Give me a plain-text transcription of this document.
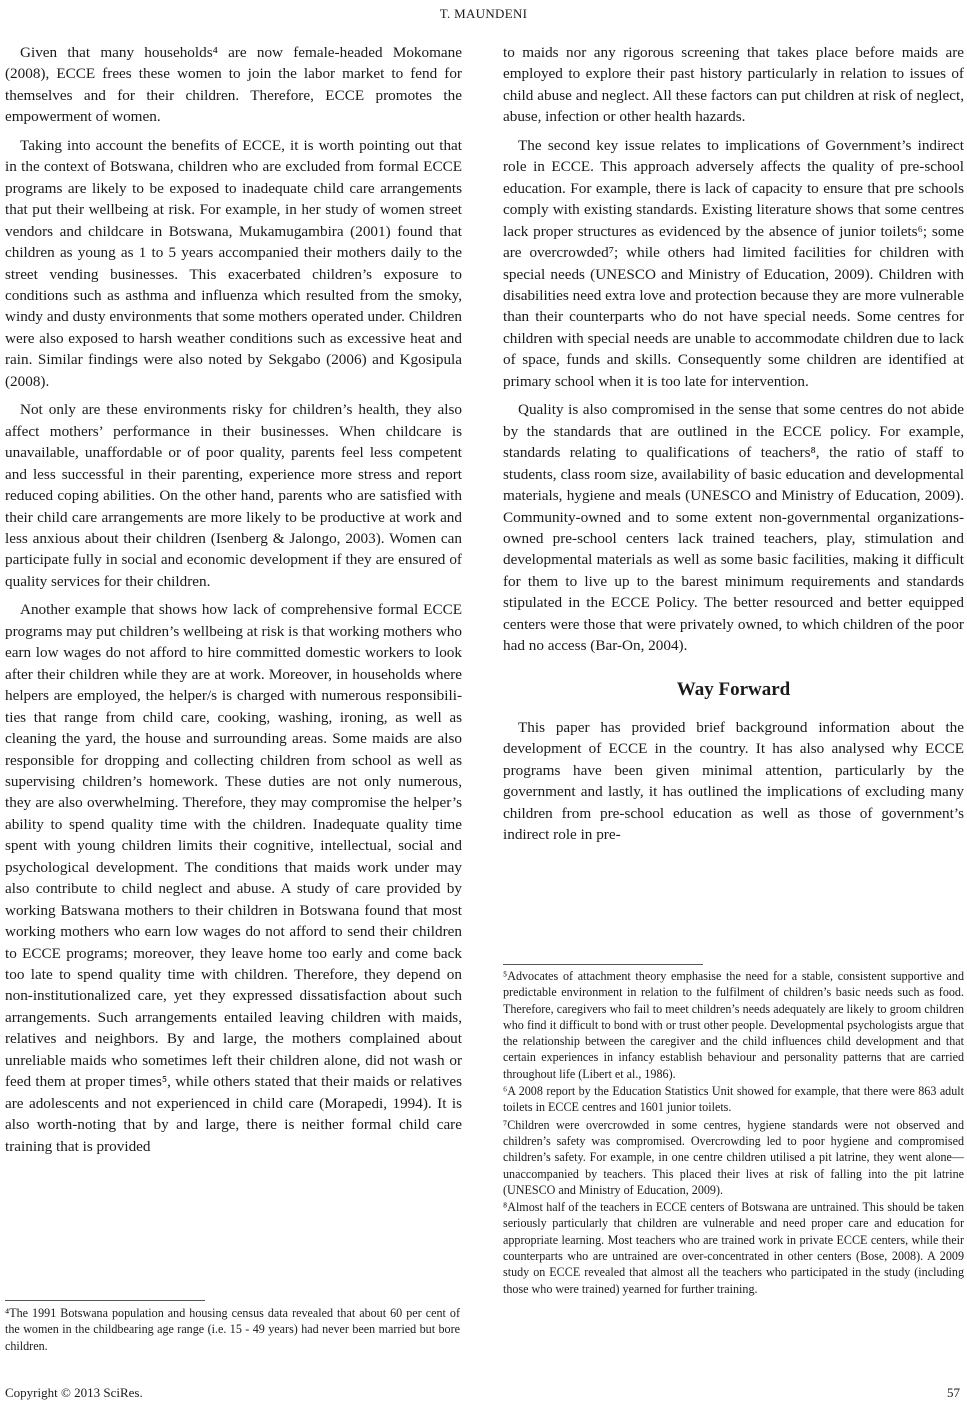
T. MAUNDENI

Given that many households⁴ are now female-headed Mokomane (2008), ECCE frees these women to join the labor market to fend for themselves and for their children. Therefore, ECCE promotes the empowerment of women.

Taking into account the benefits of ECCE, it is worth pointing out that in the context of Botswana, children who are excluded from formal ECCE programs are likely to be exposed to inadequate child care arrangements that put their wellbeing at risk. For example, in her study of women street vendors and childcare in Botswana, Mukamugambira (2001) found that children as young as 1 to 5 years accompanied their mothers daily to the street vending businesses. This exacerbated children’s exposure to conditions such as asthma and influenza which resulted from the smoky, windy and dusty environments that some mothers operated under. Children were also exposed to harsh weather conditions such as excessive heat and rain. Similar findings were also noted by Sekgabo (2006) and Kgosipula (2008).

Not only are these environments risky for children’s health, they also affect mothers’ performance in their businesses. When childcare is unavailable, unaffordable or of poor quality, parents feel less competent and less successful in their parenting, experience more stress and report reduced coping abilities. On the other hand, parents who are satisfied with their child care arrangements are more likely to be productive at work and less anxious about their children (Isenberg & Jalongo, 2003). Women can participate fully in social and economic development if they are ensured of quality services for their children.

Another example that shows how lack of comprehensive formal ECCE programs may put children’s wellbeing at risk is that working mothers who earn low wages do not afford to hire committed domestic workers to look after their children while they are at work. Moreover, in households where helpers are employed, the helper/s is charged with numerous responsibilities that range from child care, cooking, washing, ironing, as well as cleaning the yard, the house and surrounding areas. Some maids are also responsible for dropping and collecting children from school as well as supervising children’s homework. These duties are not only numerous, they are also overwhelming. Therefore, they may compromise the helper’s ability to spend quality time with the children. Inadequate quality time spent with young children limits their cognitive, intellectual, social and psychological development. The conditions that maids work under may also contribute to child neglect and abuse. A study of care provided by working Batswana mothers to their children in Botswana found that most working mothers who earn low wages do not afford to send their children to ECCE programs; moreover, they leave home too early and come back too late to spend quality time with children. Therefore, they depend on non-institutionalized care, yet they expressed dissatisfaction about such arrangements. Such arrangements entailed leaving children with maids, relatives and neighbors. By and large, the mothers complained about unreliable maids who sometimes left their children alone, did not wash or feed them at proper times⁵, while others stated that their maids or relatives are adolescents and not experienced in child care (Morapedi, 1994). It is also worth-noting that by and large, there is neither formal child care training that is provided

⁴The 1991 Botswana population and housing census data revealed that about 60 per cent of the women in the childbearing age range (i.e. 15 - 49 years) had never been married but bore children.

to maids nor any rigorous screening that takes place before maids are employed to explore their past history particularly in relation to issues of child abuse and neglect. All these factors can put children at risk of neglect, abuse, infection or other health hazards.

The second key issue relates to implications of Government’s indirect role in ECCE. This approach adversely affects the quality of pre-school education. For example, there is lack of capacity to ensure that pre schools comply with existing standards. Existing literature shows that some centres lack proper structures as evidenced by the absence of junior toilets⁶; some are overcrowded⁷; while others had limited facilities for children with special needs (UNESCO and Ministry of Education, 2009). Children with disabilities need extra love and protection because they are more vulnerable than their counterparts who do not have special needs. Some centres for children with special needs are unable to accommodate children due to lack of space, funds and skills. Consequently some children are identified at primary school when it is too late for intervention.

Quality is also compromised in the sense that some centres do not abide by the standards that are outlined in the ECCE policy. For example, standards relating to qualifications of teachers⁸, the ratio of staff to students, class room size, availability of basic education and developmental materials, hygiene and meals (UNESCO and Ministry of Education, 2009). Community-owned and to some extent non-governmental organizations-owned pre-school centers lack trained teachers, play, stimulation and developmental materials as well as some basic facilities, making it difficult for them to live up to the barest minimum requirements and standards stipulated in the ECCE Policy. The better resourced and better equipped centers were those that were privately owned, to which children of the poor had no access (Bar-On, 2004).

Way Forward

This paper has provided brief background information about the development of ECCE in the country. It has also analysed why ECCE programs have been given minimal attention, particularly by the government and lastly, it has outlined the implications of excluding many children from pre-school education as well as those of government’s indirect role in pre-

⁵Advocates of attachment theory emphasise the need for a stable, consistent supportive and predictable environment in relation to the fulfilment of children’s basic needs such as food. Therefore, caregivers who fail to meet children’s needs adequately are likely to groom children who find it difficult to bond with or trust other people. Developmental psychologists argue that the relationship between the caregiver and the child influences child development and that certain experiences in infancy establish behaviour and personality patterns that are carried throughout life (Libert et al., 1986).

⁶A 2008 report by the Education Statistics Unit showed for example, that there were 863 adult toilets in ECCE centres and 1601 junior toilets.

⁷Children were overcrowded in some centres, hygiene standards were not observed and children’s safety was compromised. Overcrowding led to poor hygiene and compromised children’s safety. For example, in one centre children utilised a pit latrine, they went alone—unaccompanied by teachers. This placed their lives at risk of falling into the pit latrine (UNESCO and Ministry of Education, 2009).

⁸Almost half of the teachers in ECCE centers of Botswana are untrained. This should be taken seriously particularly that children are vulnerable and need proper care and education for appropriate learning. Most teachers who are trained work in private ECCE centers, while their counterparts who are untrained are over-concentrated in other centers (Bose, 2008). A 2009 study on ECCE revealed that almost all the teachers who participated in the study (including those who were trained) yearned for further training.

Copyright © 2013 SciRes.	57
